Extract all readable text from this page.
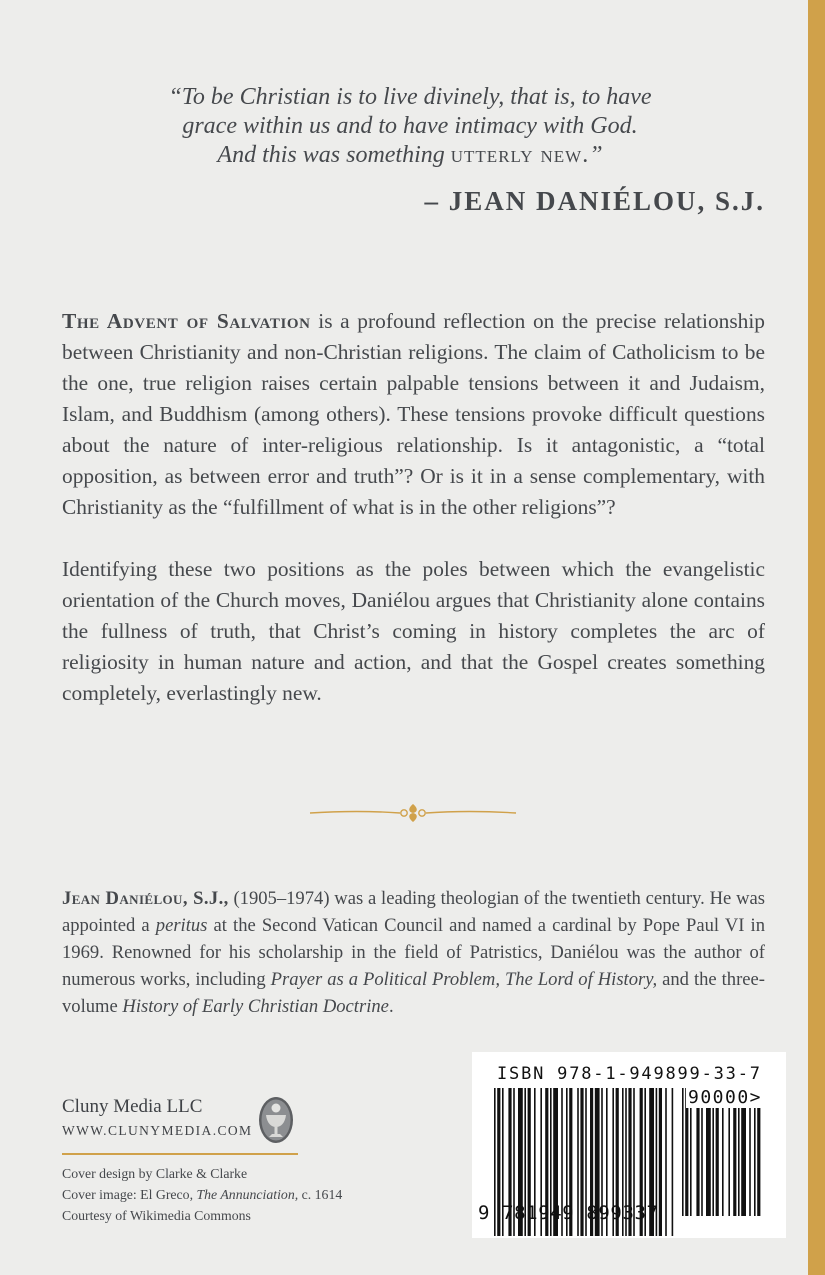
“To be Christian is to live divinely, that is, to have
grace within us and to have intimacy with God.
And this was something utterly new.”
– JEAN DANIÉLOU, S.J.

The Advent of Salvation is a profound reflection on the precise relationship between Christianity and non-Christian religions. The claim of Catholicism to be the one, true religion raises certain palpable tensions between it and Judaism, Islam, and Buddhism (among others). These tensions provoke difficult questions about the nature of inter-religious relationship. Is it antagonistic, a “total opposition, as between error and truth”? Or is it in a sense complementary, with Christianity as the “fulfillment of what is in the other religions”?

Identifying these two positions as the poles between which the evangelistic orientation of the Church moves, Daniélou argues that Christianity alone contains the fullness of truth, that Christ’s coming in history completes the arc of religiosity in human nature and action, and that the Gospel creates something completely, everlastingly new.

Jean Daniélou, S.J., (1905–1974) was a leading theologian of the twentieth century. He was appointed a peritus at the Second Vatican Council and named a cardinal by Pope Paul VI in 1969. Renowned for his scholarship in the field of Patristics, Daniélou was the author of numerous works, including Prayer as a Political Problem, The Lord of History, and the three-volume History of Early Christian Doctrine.

Cluny Media LLC
WWW.CLUNYMEDIA.COM
Cover design by Clarke & Clarke
Cover image: El Greco, The Annunciation, c. 1614
Courtesy of Wikimedia Commons
ISBN 978-1-949899-33-7
90000>
9 781949 899337
